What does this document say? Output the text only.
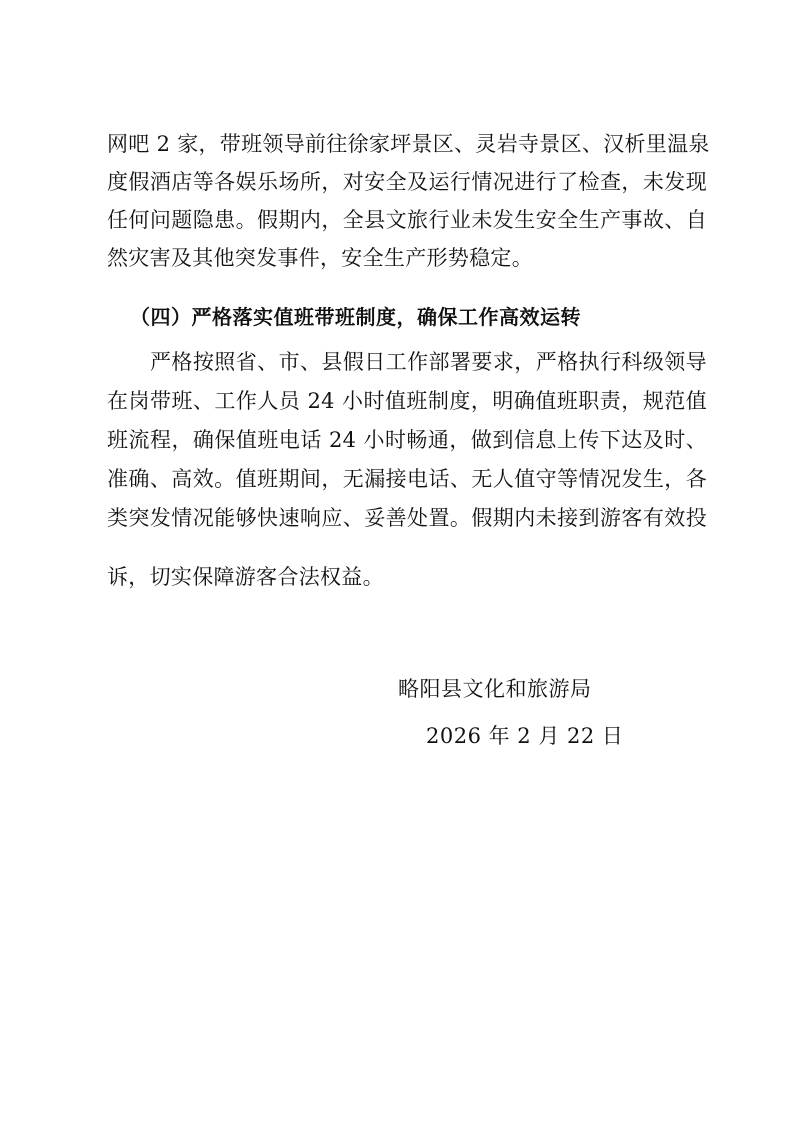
网吧 2 家，带班领导前往徐家坪景区、灵岩寺景区、汉析里温泉
度假酒店等各娱乐场所，对安全及运行情况进行了检查，未发现
任何问题隐患。假期内，全县文旅行业未发生安全生产事故、自
然灾害及其他突发事件，安全生产形势稳定。
（四）严格落实值班带班制度，确保工作高效运转
严格按照省、市、县假日工作部署要求，严格执行科级领导
在岗带班、工作人员 24 小时值班制度，明确值班职责，规范值
班流程，确保值班电话 24 小时畅通，做到信息上传下达及时、
准确、高效。值班期间，无漏接电话、无人值守等情况发生，各
类突发情况能够快速响应、妥善处置。假期内未接到游客有效投
诉，切实保障游客合法权益。
略阳县文化和旅游局
2026 年 2 月 22 日
